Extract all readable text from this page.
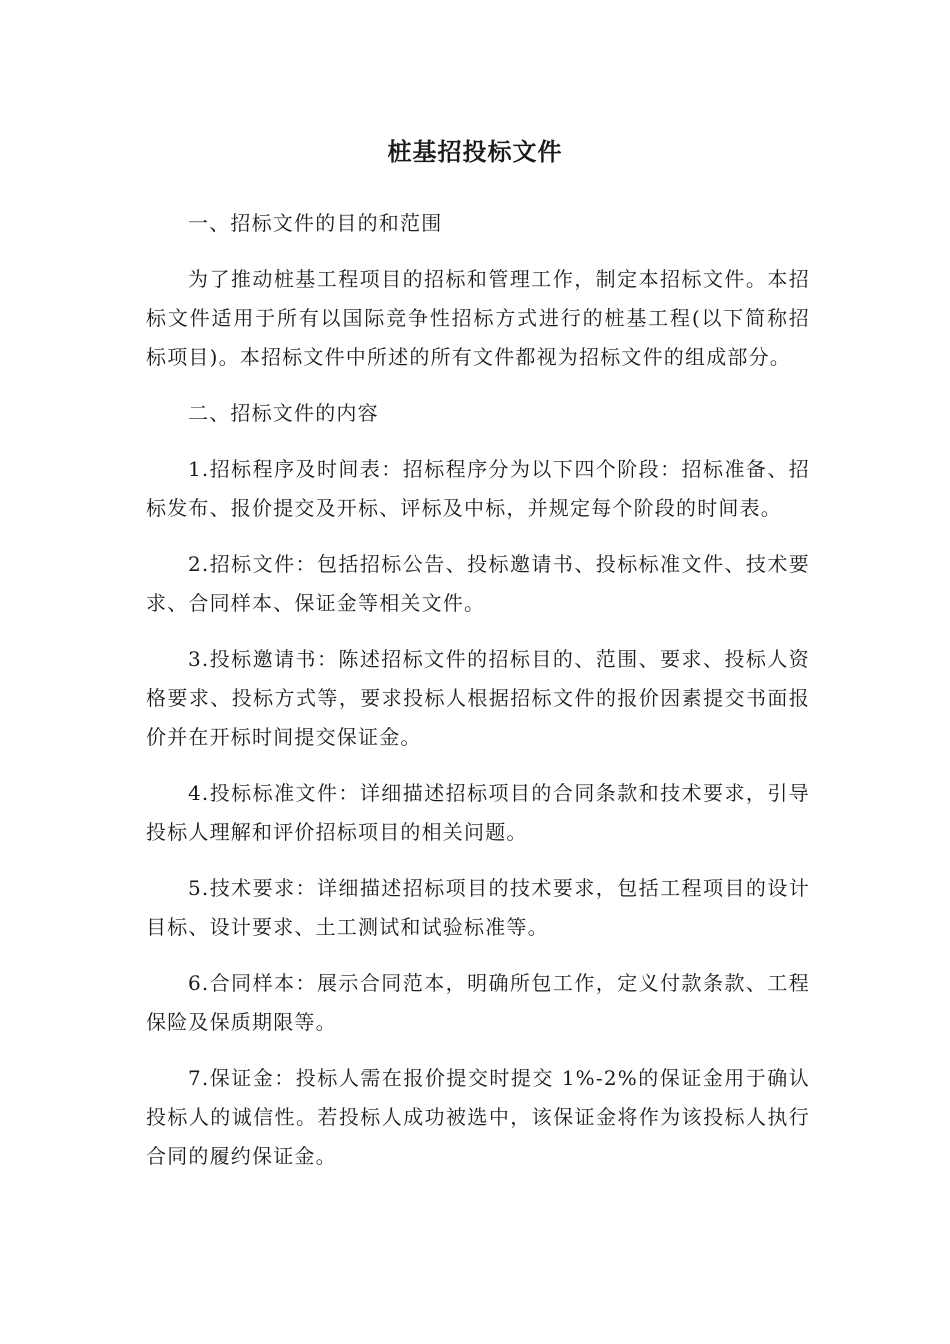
桩基招投标文件

一、招标文件的目的和范围

为了推动桩基工程项目的招标和管理工作，制定本招标文件。本招标文件适用于所有以国际竞争性招标方式进行的桩基工程(以下简称招标项目)。本招标文件中所述的所有文件都视为招标文件的组成部分。

二、招标文件的内容

1.招标程序及时间表：招标程序分为以下四个阶段：招标准备、招标发布、报价提交及开标、评标及中标，并规定每个阶段的时间表。

2.招标文件：包括招标公告、投标邀请书、投标标准文件、技术要求、合同样本、保证金等相关文件。

3.投标邀请书：陈述招标文件的招标目的、范围、要求、投标人资格要求、投标方式等，要求投标人根据招标文件的报价因素提交书面报价并在开标时间提交保证金。

4.投标标准文件：详细描述招标项目的合同条款和技术要求，引导投标人理解和评价招标项目的相关问题。

5.技术要求：详细描述招标项目的技术要求，包括工程项目的设计目标、设计要求、土工测试和试验标准等。

6.合同样本：展示合同范本，明确所包工作，定义付款条款、工程保险及保质期限等。

7.保证金：投标人需在报价提交时提交 1%-2%的保证金用于确认投标人的诚信性。若投标人成功被选中，该保证金将作为该投标人执行合同的履约保证金。
